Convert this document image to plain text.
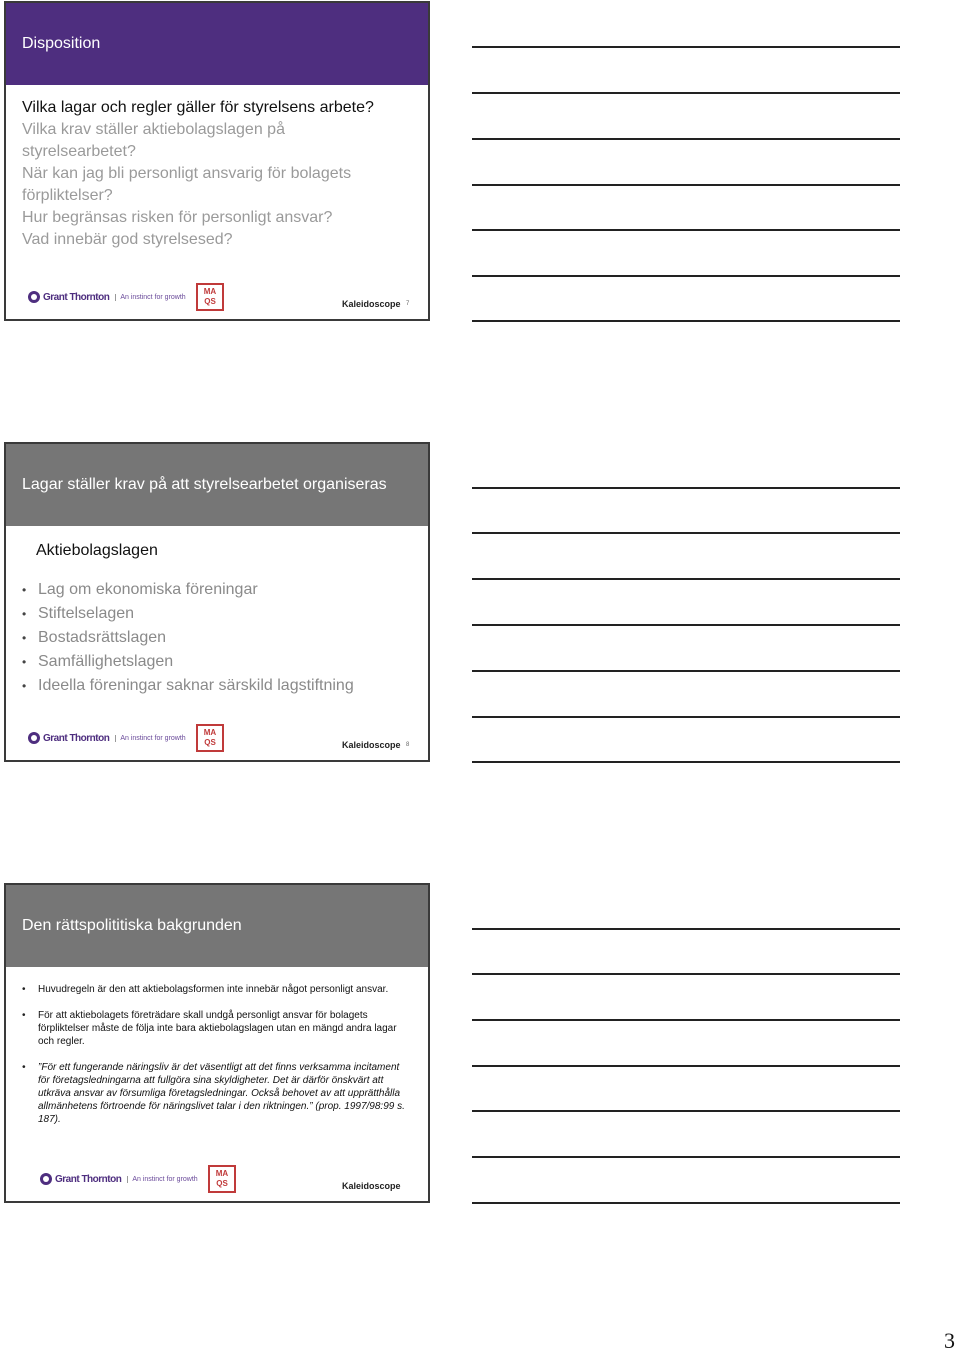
Disposition
Vilka lagar och regler gäller för styrelsens arbete?
Vilka krav ställer aktiebolagslagen på styrelsearbetet?
När kan jag bli personligt ansvarig för bolagets förpliktelser?
Hur begränsas risken för personligt ansvar?
Vad innebär god styrelsesed?
Grant Thornton	An instinct for growth
MA QS	Kaleidoscope 7
Lagar ställer krav på att styrelsearbetet organiseras
Aktiebolagslagen
• Lag om ekonomiska föreningar
• Stiftelselagen
• Bostadsrättslagen
• Samfällighetslagen
• Ideella föreningar saknar särskild lagstiftning
Grant Thornton	An instinct for growth
MA QS	Kaleidoscope 8
Den rättspolititiska bakgrunden
• Huvudregeln är den att aktiebolagsformen inte innebär något personligt ansvar.
• För att aktiebolagets företrädare skall undgå personligt ansvar för bolagets förpliktelser måste de följa inte bara aktiebolagslagen utan en mängd andra lagar och regler.
• ”För ett fungerande näringsliv är det väsentligt att det finns verksamma incitament för företagsledningarna att fullgöra sina skyldigheter. Det är därför önskvärt att utkräva ansvar av försumliga företagsledningar. Också behovet av att upprätthålla allmänhetens förtroende för näringslivet talar i den riktningen.” (prop. 1997/98:99 s. 187).
Grant Thornton	An instinct for growth
MA QS	Kaleidoscope
3
